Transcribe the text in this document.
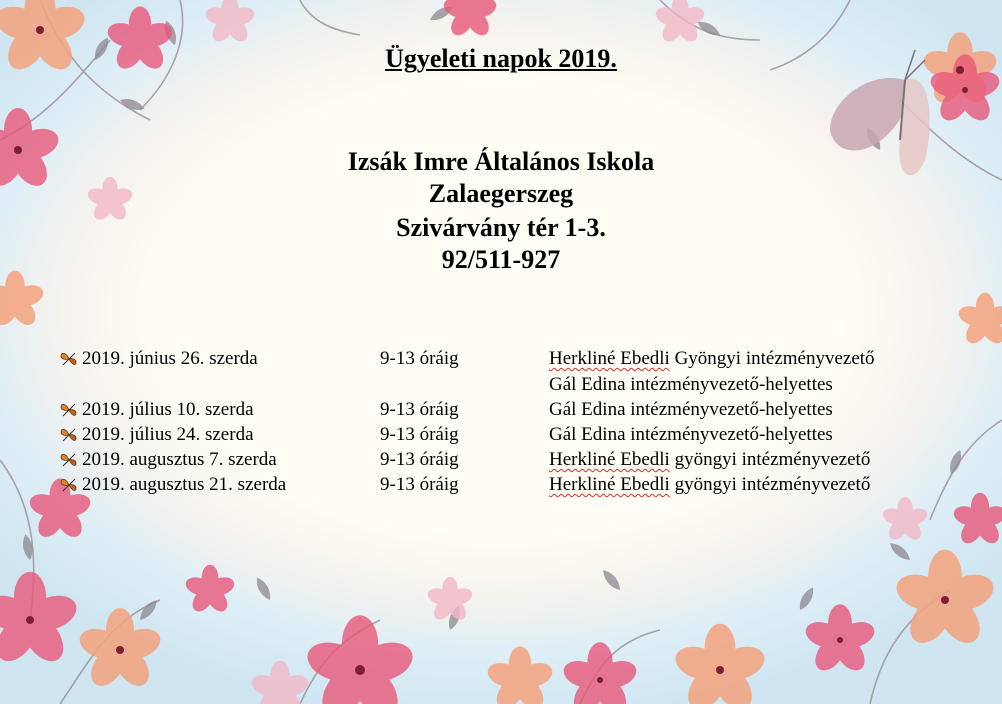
Ügyeleti napok 2019.
Izsák Imre Általános Iskola
Zalaegerszeg
Szivárvány tér 1-3.
92/511-927
2019. június 26. szerda	9-13 óráig	Herkliné Ebedli Gyöngyi intézményvezető
Gál Edina intézményvezető-helyettes
2019. július 10. szerda	9-13 óráig	Gál Edina intézményvezető-helyettes
2019. július 24. szerda	9-13 óráig	Gál Edina intézményvezető-helyettes
2019. augusztus 7. szerda	9-13 óráig	Herkliné Ebedli gyöngyi intézményvezető
2019. augusztus 21. szerda	9-13 óráig	Herkliné Ebedli gyöngyi intézményvezető
